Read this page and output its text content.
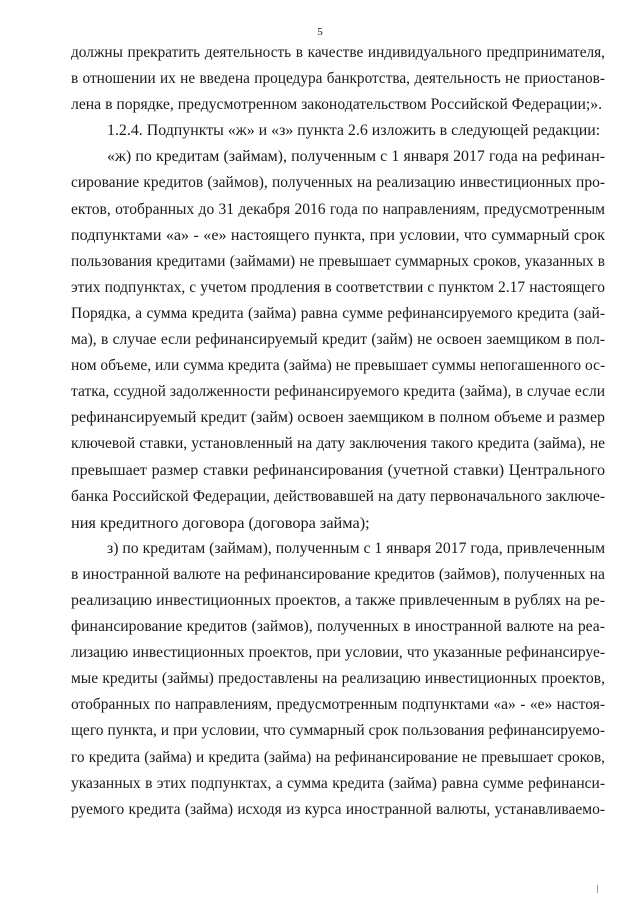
5
должны прекратить деятельность в качестве индивидуального предпринимателя,
в отношении их не введена процедура банкротства, деятельность не приостанов-
лена в порядке, предусмотренном законодательством Российской Федерации;».
1.2.4. Подпункты «ж» и «з» пункта 2.6 изложить в следующей редакции:
«ж) по кредитам (займам), полученным с 1 января 2017 года на рефинан-
сирование кредитов (займов), полученных на реализацию инвестиционных про-
ектов, отобранных до 31 декабря 2016 года по направлениям, предусмотренным
подпунктами «а» - «е» настоящего пункта, при условии, что суммарный срок
пользования кредитами (займами) не превышает суммарных сроков, указанных в
этих подпунктах, с учетом продления в соответствии с пунктом 2.17 настоящего
Порядка, а сумма кредита (займа) равна сумме рефинансируемого кредита (зай-
ма), в случае если рефинансируемый кредит (займ) не освоен заемщиком в пол-
ном объеме, или сумма кредита (займа) не превышает суммы непогашенного ос-
татка, ссудной задолженности рефинансируемого кредита (займа), в случае если
рефинансируемый кредит (займ) освоен заемщиком в полном объеме и размер
ключевой ставки, установленный на дату заключения такого кредита (займа), не
превышает размер ставки рефинансирования (учетной ставки) Центрального
банка Российской Федерации, действовавшей на дату первоначального заключе-
ния кредитного договора (договора займа);
з) по кредитам (займам), полученным с 1 января 2017 года, привлеченным
в иностранной валюте на рефинансирование кредитов (займов), полученных на
реализацию инвестиционных проектов, а также привлеченным в рублях на ре-
финансирование кредитов (займов), полученных в иностранной валюте на реа-
лизацию инвестиционных проектов, при условии, что указанные рефинансируе-
мые кредиты (займы) предоставлены на реализацию инвестиционных проектов,
отобранных по направлениям, предусмотренным подпунктами «а» - «е» настоя-
щего пункта, и при условии, что суммарный срок пользования рефинансируемо-
го кредита (займа) и кредита (займа) на рефинансирование не превышает сроков,
указанных в этих подпунктах, а сумма кредита (займа) равна сумме рефинанси-
руемого кредита (займа) исходя из курса иностранной валюты, устанавливаемо-
